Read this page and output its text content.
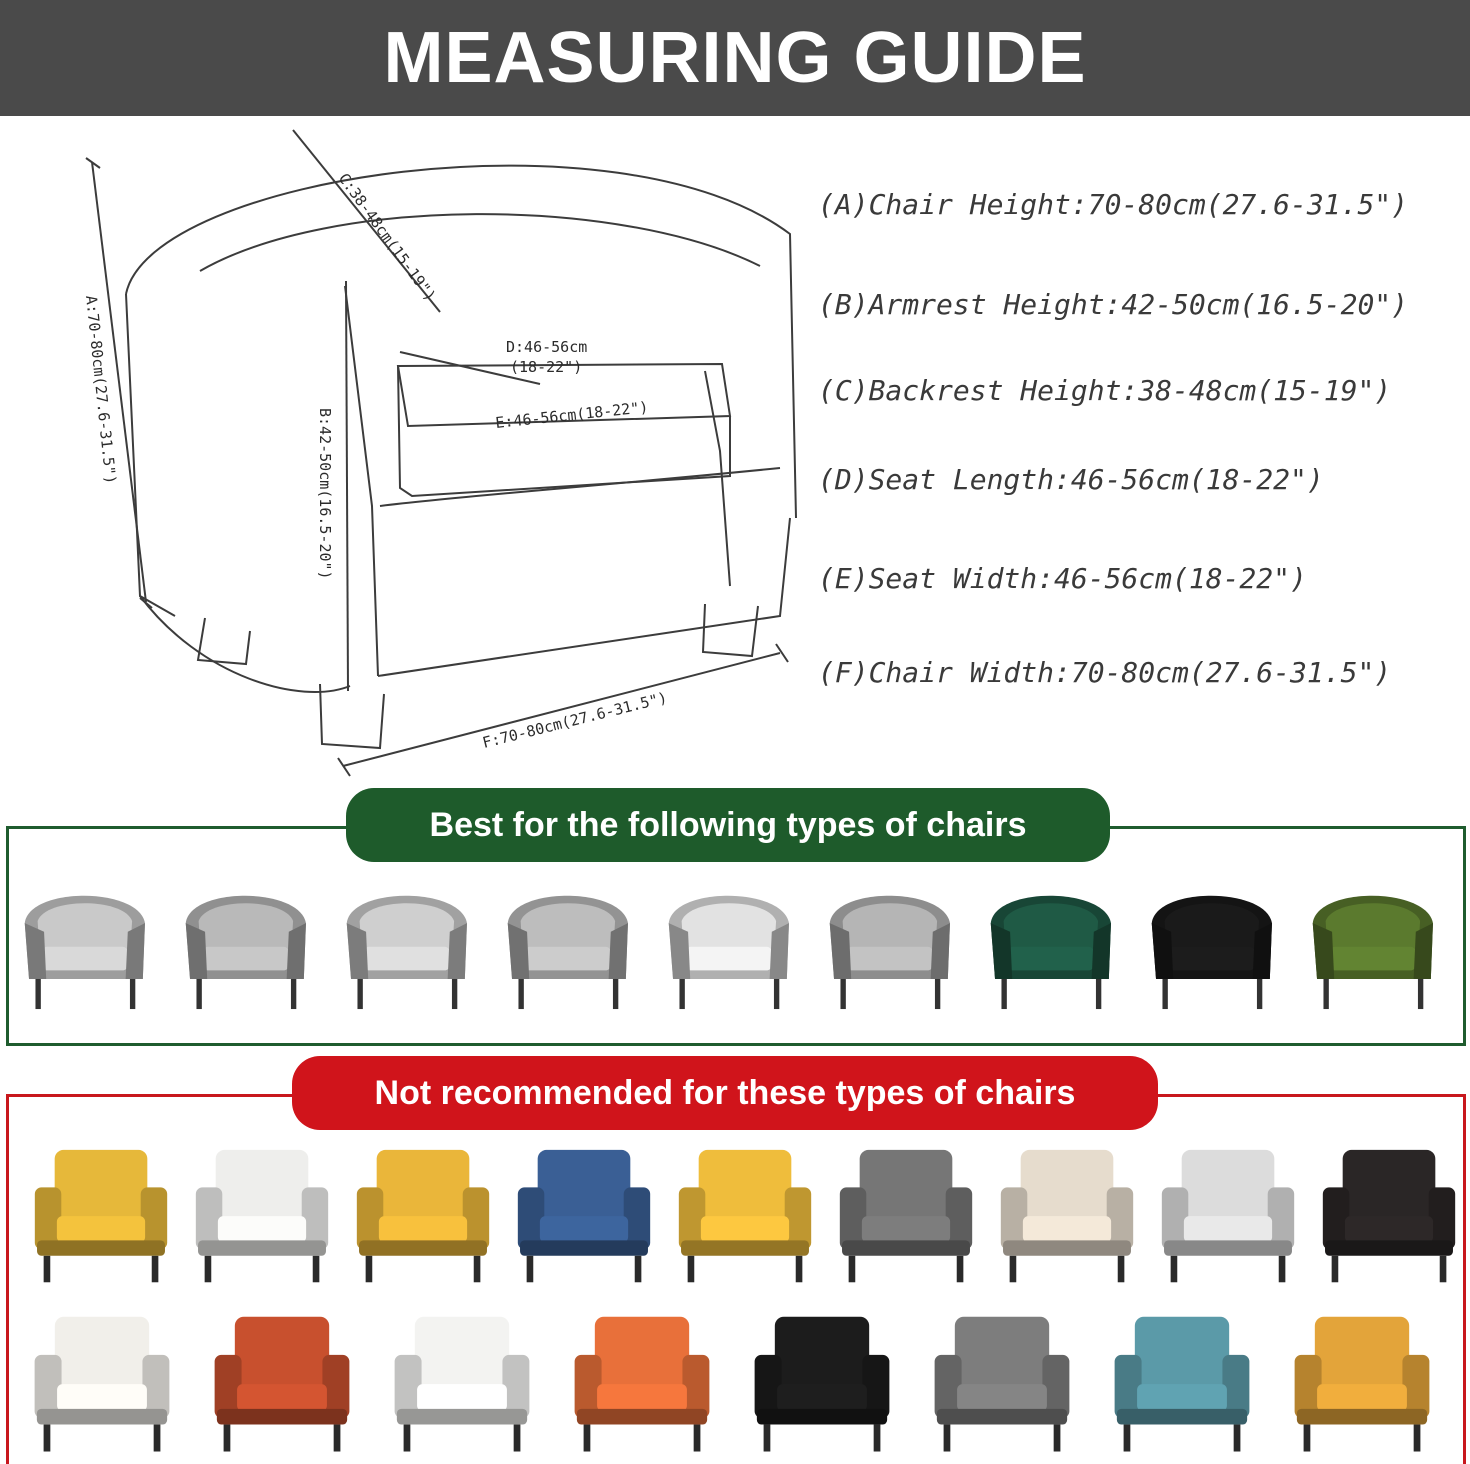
MEASURING GUIDE
A:70-80cm(27.6-31.5")
B:42-50cm(16.5-20")
C:38-48cm(15-19")
D:46-56cm
(18-22")
E:46-56cm(18-22")
F:70-80cm(27.6-31.5")
(A)Chair Height:70-80cm(27.6-31.5")
(B)Armrest Height:42-50cm(16.5-20")
(C)Backrest Height:38-48cm(15-19")
(D)Seat Length:46-56cm(18-22")
(E)Seat Width:46-56cm(18-22")
(F)Chair Width:70-80cm(27.6-31.5")
Best for the following types of chairs
Not recommended for these types of chairs
